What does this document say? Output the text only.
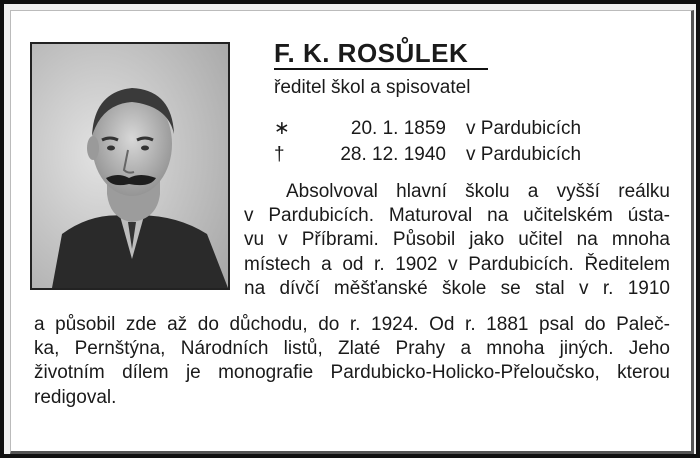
F. K. ROSŮLEK
ředitel škol a spisovatel
∗	20. 1. 1859 v Pardubicích
†	28. 12. 1940 v Pardubicích
Absolvoval hlavní školu a vyšší reálku
v Pardubicích. Maturoval na učitelském ústa-
vu v Příbrami. Působil jako učitel na mnoha
místech a od r. 1902 v Pardubicích. Ředitelem
na dívčí měšťanské škole se stal v r. 1910
a působil zde až do důchodu, do r. 1924. Od r. 1881 psal do Paleč-
ka, Pernštýna, Národních listů, Zlaté Prahy a mnoha jiných. Jeho
životním dílem je monografie Pardubicko-Holicko-Přeloučsko, kterou
redigoval.
